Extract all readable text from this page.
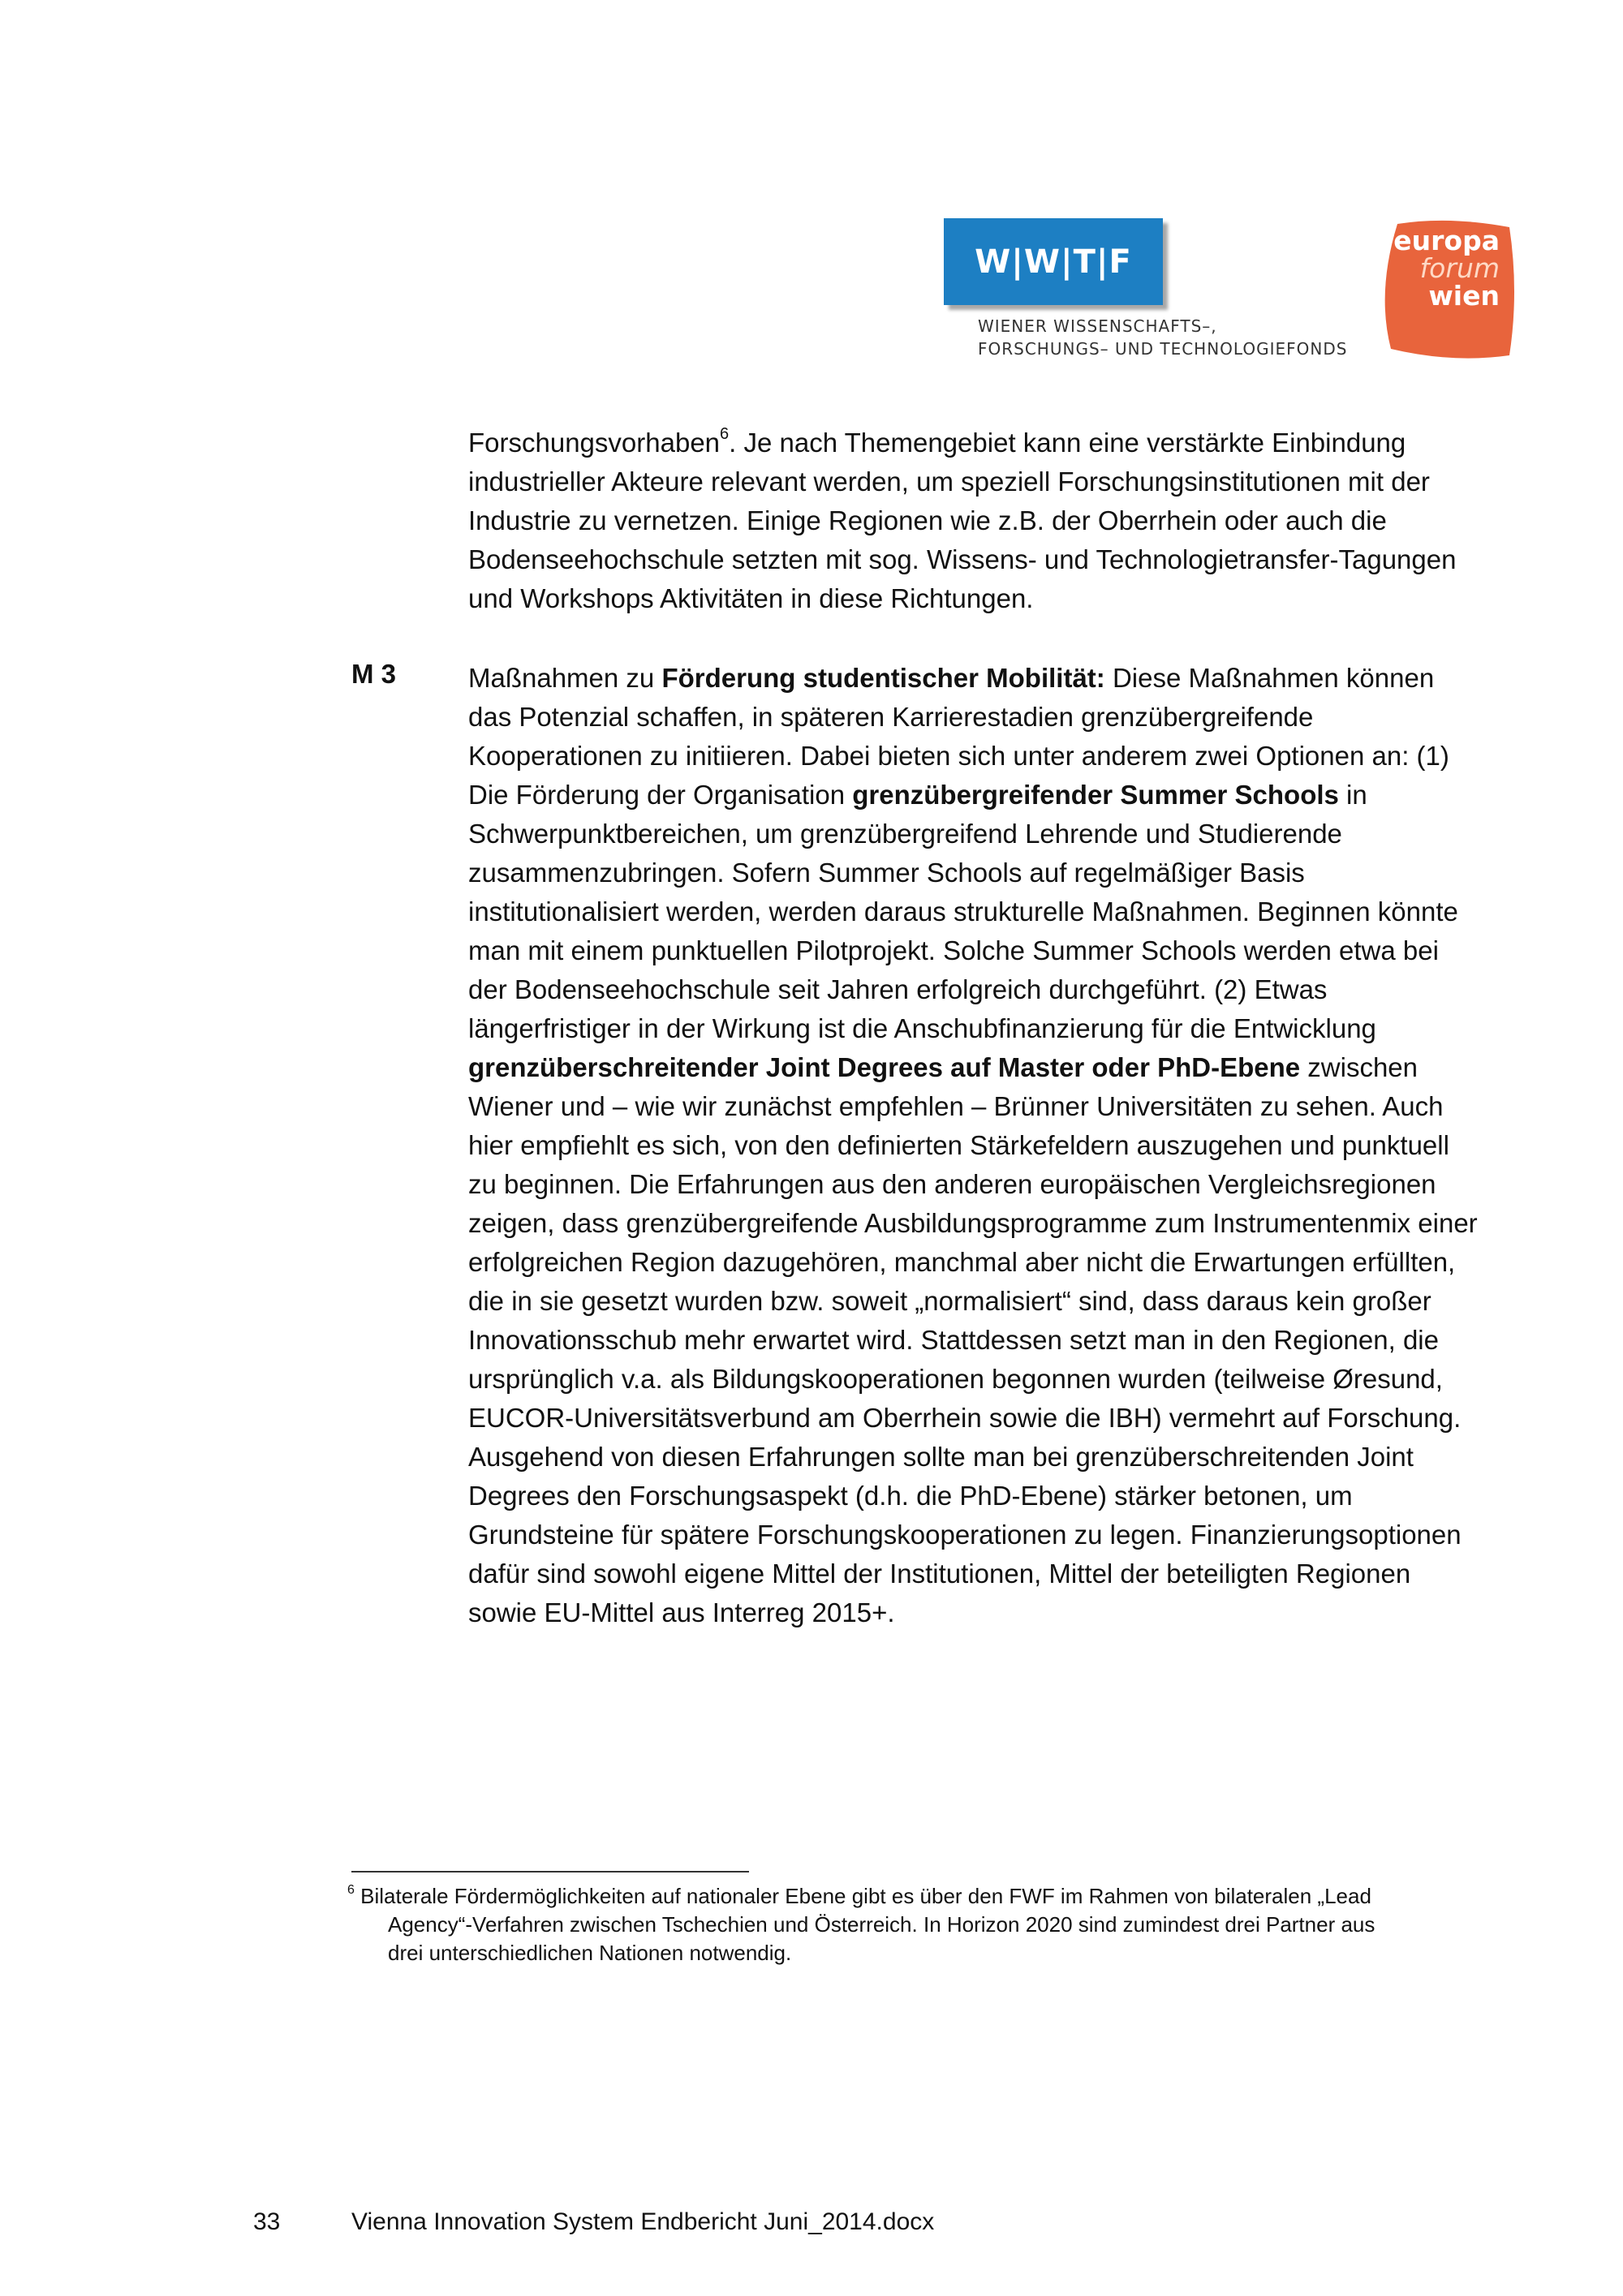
W|W|T|F
WIENER WISSENSCHAFTS–,
FORSCHUNGS– UND TECHNOLOGIEFONDS
europa
forum
wien

Forschungsvorhaben$^6$. Je nach Themengebiet kann eine verstärkte Einbindung
industrieller Akteure relevant werden, um speziell Forschungsinstitutionen mit der
Industrie zu vernetzen. Einige Regionen wie z.B. der Oberrhein oder auch die
Bodenseehochschule setzten mit sog. Wissens- und Technologietransfer-Tagungen
und Workshops Aktivitäten in diese Richtungen.

M 3	Maßnahmen zu Förderung studentischer Mobilität: Diese Maßnahmen können
das Potenzial schaffen, in späteren Karrierestadien grenzübergreifende
Kooperationen zu initiieren. Dabei bieten sich unter anderem zwei Optionen an: (1)
Die Förderung der Organisation grenzübergreifender Summer Schools in
Schwerpunktbereichen, um grenzübergreifend Lehrende und Studierende
zusammenzubringen. Sofern Summer Schools auf regelmäßiger Basis
institutionalisiert werden, werden daraus strukturelle Maßnahmen. Beginnen könnte
man mit einem punktuellen Pilotprojekt. Solche Summer Schools werden etwa bei
der Bodenseehochschule seit Jahren erfolgreich durchgeführt. (2) Etwas
längerfristiger in der Wirkung ist die Anschubfinanzierung für die Entwicklung
grenzüberschreitender Joint Degrees auf Master oder PhD-Ebene zwischen
Wiener und – wie wir zunächst empfehlen – Brünner Universitäten zu sehen. Auch
hier empfiehlt es sich, von den definierten Stärkefeldern auszugehen und punktuell
zu beginnen. Die Erfahrungen aus den anderen europäischen Vergleichsregionen
zeigen, dass grenzübergreifende Ausbildungsprogramme zum Instrumentenmix einer
erfolgreichen Region dazugehören, manchmal aber nicht die Erwartungen erfüllten,
die in sie gesetzt wurden bzw. soweit „normalisiert“ sind, dass daraus kein großer
Innovationsschub mehr erwartet wird. Stattdessen setzt man in den Regionen, die
ursprünglich v.a. als Bildungskooperationen begonnen wurden (teilweise Øresund,
EUCOR-Universitätsverbund am Oberrhein sowie die IBH) vermehrt auf Forschung.
Ausgehend von diesen Erfahrungen sollte man bei grenzüberschreitenden Joint
Degrees den Forschungsaspekt (d.h. die PhD-Ebene) stärker betonen, um
Grundsteine für spätere Forschungskooperationen zu legen. Finanzierungsoptionen
dafür sind sowohl eigene Mittel der Institutionen, Mittel der beteiligten Regionen
sowie EU-Mittel aus Interreg 2015+.

$^6$ Bilaterale Fördermöglichkeiten auf nationaler Ebene gibt es über den FWF im Rahmen von bilateralen „Lead
Agency“-Verfahren zwischen Tschechien und Österreich. In Horizon 2020 sind zumindest drei Partner aus
drei unterschiedlichen Nationen notwendig.

33	Vienna Innovation System Endbericht Juni_2014.docx
